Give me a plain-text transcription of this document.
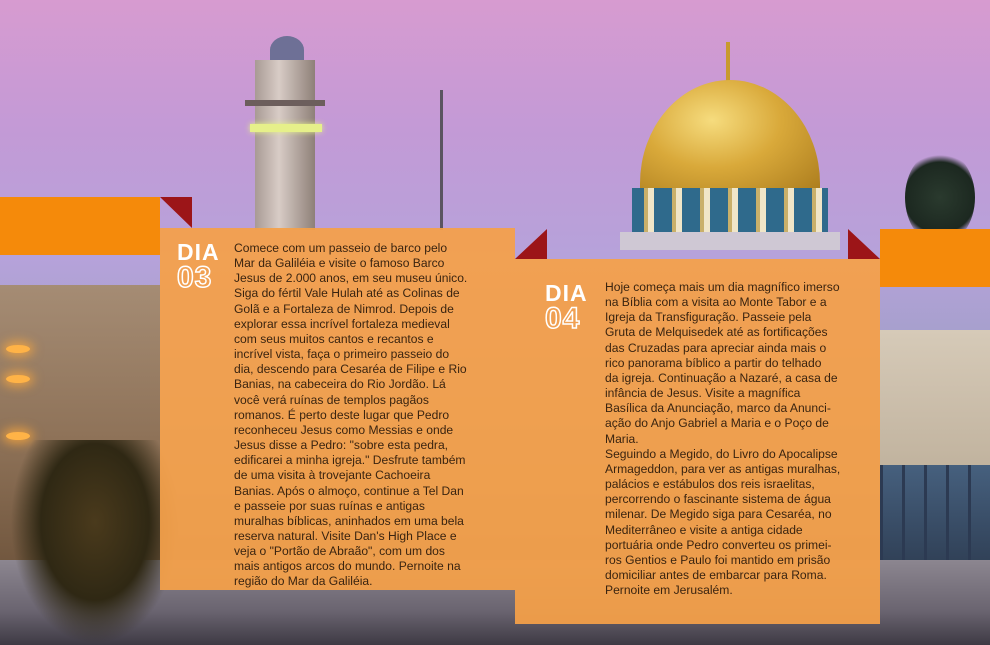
DIA
03

Comece com um passeio de barco pelo
Mar da Galiléia e visite o famoso Barco
Jesus de 2.000 anos, em seu museu único.
Siga do fértil Vale Hulah até as Colinas de
Golã e a Fortaleza de Nimrod. Depois de
explorar essa incrível fortaleza medieval
com seus muitos cantos e recantos e
incrível vista, faça o primeiro passeio do
dia, descendo para Cesaréa de Filipe e Rio
Banias, na cabeceira do Rio Jordão. Lá
você verá ruínas de templos pagãos
romanos. É perto deste lugar que Pedro
reconheceu Jesus como Messias e onde
Jesus disse a Pedro: "sobre esta pedra,
edificarei a minha igreja." Desfrute também
de uma visita à trovejante Cachoeira
Banias. Após o almoço, continue a Tel Dan
e passeie por suas ruínas e antigas
muralhas bíblicas, aninhados em uma bela
reserva natural. Visite Dan's High Place e
veja o "Portão de Abraão", com um dos
mais antigos arcos do mundo. Pernoite na
região do Mar da Galiléia.

DIA
04

Hoje começa mais um dia magnífico imerso
na Bíblia com a visita ao Monte Tabor e a
Igreja da Transfiguração. Passeie pela
Gruta de Melquisedek até as fortificações
das Cruzadas para apreciar ainda mais o
rico panorama bíblico a partir do telhado
da igreja. Continuação a Nazaré, a casa de
infância de Jesus. Visite a magnífica
Basílica da Anunciação, marco da Anunci-
ação do Anjo Gabriel a Maria e o Poço de
Maria.
Seguindo a Megido, do Livro do Apocalipse
Armageddon, para ver as antigas muralhas,
palácios e estábulos dos reis israelitas,
percorrendo o fascinante sistema de água
milenar. De Megido siga para Cesaréa, no
Mediterrâneo e visite a antiga cidade
portuária onde Pedro converteu os primei-
ros Gentios e Paulo foi mantido em prisão
domiciliar antes de embarcar para Roma.
Pernoite em Jerusalém.
